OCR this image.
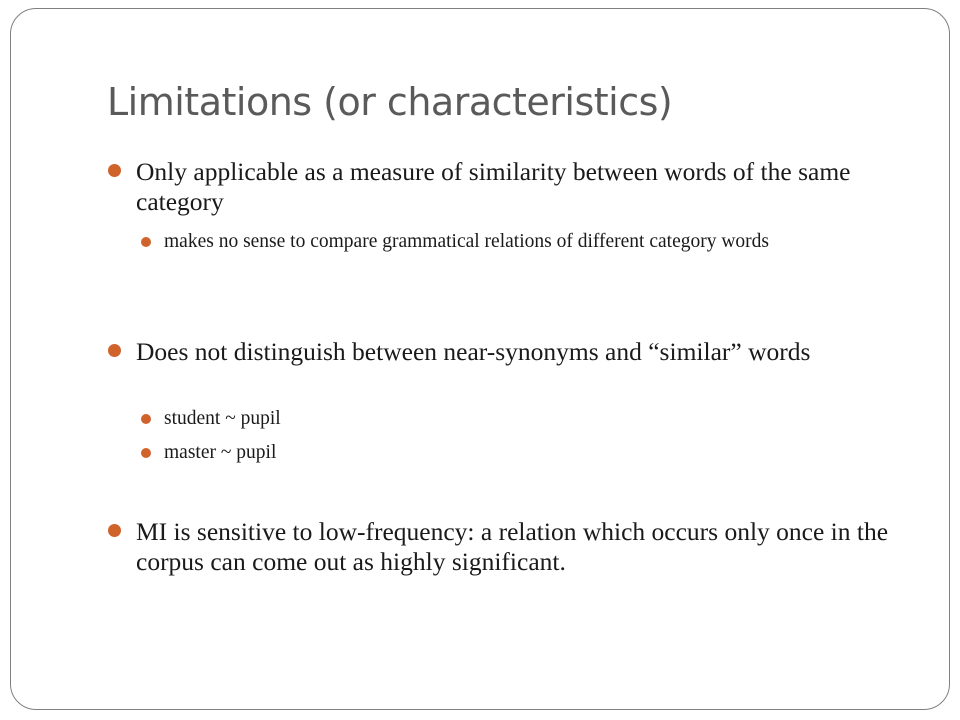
Limitations (or characteristics)
Only applicable as a measure of similarity between words of the same category
makes no sense to compare grammatical relations of different category words
Does not distinguish between near-synonyms and “similar” words
student ~ pupil
master ~ pupil
MI is sensitive to low-frequency: a relation which occurs only once in the corpus can come out as highly significant.
